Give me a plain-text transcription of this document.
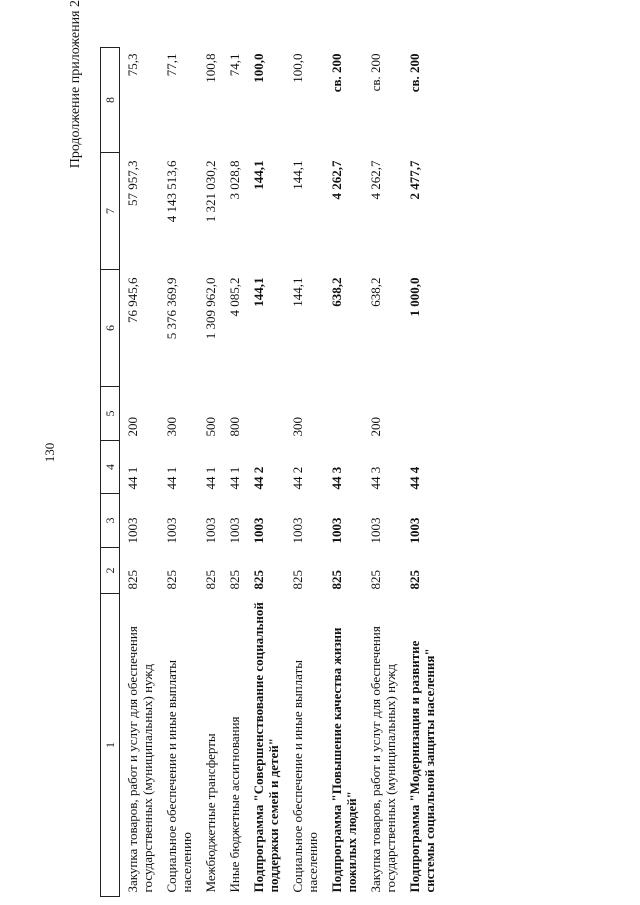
130
Продолжение приложения 2
1	2	3	4	5	6	7	8
Закупка товаров, работ и услуг для обеспечения государственных (муниципальных) нужд	825	1003	44 1	200	76 945,6	57 957,3	75,3
Социальное обеспечение и иные выплаты населению	825	1003	44 1	300	5 376 369,9	4 143 513,6	77,1
Межбюджетные трансферты	825	1003	44 1	500	1 309 962,0	1 321 030,2	100,8
Иные бюджетные ассигнования	825	1003	44 1	800	4 085,2	3 028,8	74,1
Подпрограмма "Совершенствование социальной поддержки семей и детей"	825	1003	44 2		144,1	144,1	100,0
Социальное обеспечение и иные выплаты населению	825	1003	44 2	300	144,1	144,1	100,0
Подпрограмма "Повышение качества жизни пожилых людей"	825	1003	44 3		638,2	4 262,7	св. 200
Закупка товаров, работ и услуг для обеспечения государственных (муниципальных) нужд	825	1003	44 3	200	638,2	4 262,7	св. 200
Подпрограмма "Модернизация и развитие системы социальной защиты населения"	825	1003	44 4		1 000,0	2 477,7	св. 200
